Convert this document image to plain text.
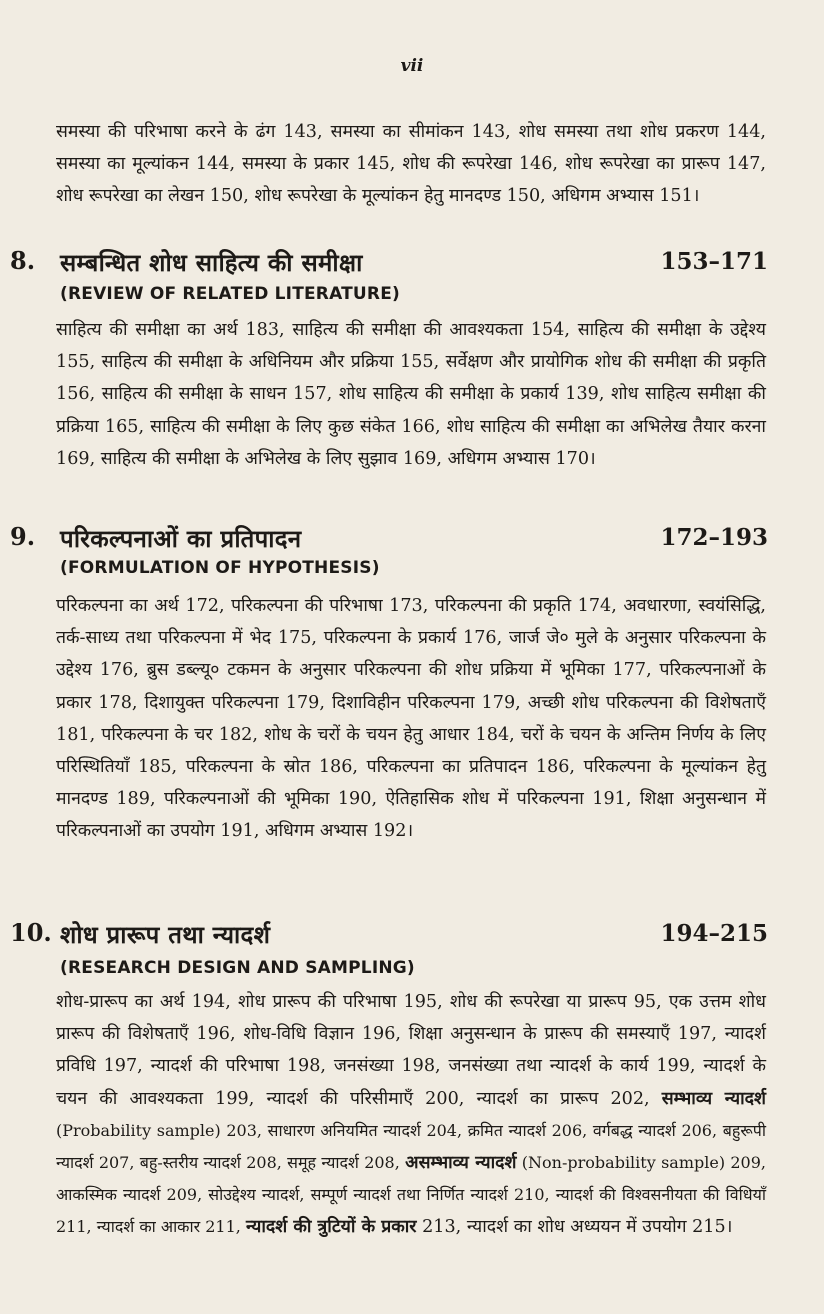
vii

समस्या की परिभाषा करने के ढंग 143, समस्या का सीमांकन 143, शोध समस्या तथा शोध प्रकरण 144, समस्या का मूल्यांकन 144, समस्या के प्रकार 145, शोध की रूपरेखा 146, शोध रूपरेखा का प्रारूप 147, शोध रूपरेखा का लेखन 150, शोध रूपरेखा के मूल्यांकन हेतु मानदण्ड 150, अधिगम अभ्यास 151।

8. सम्बन्धित शोध साहित्य की समीक्षा	153–171
(REVIEW OF RELATED LITERATURE)

साहित्य की समीक्षा का अर्थ 183, साहित्य की समीक्षा की आवश्यकता 154, साहित्य की समीक्षा के उद्देश्य 155, साहित्य की समीक्षा के अधिनियम और प्रक्रिया 155, सर्वेक्षण और प्रायोगिक शोध की समीक्षा की प्रकृति 156, साहित्य की समीक्षा के साधन 157, शोध साहित्य की समीक्षा के प्रकार्य 139, शोध साहित्य समीक्षा की प्रक्रिया 165, साहित्य की समीक्षा के लिए कुछ संकेत 166, शोध साहित्य की समीक्षा का अभिलेख तैयार करना 169, साहित्य की समीक्षा के अभिलेख के लिए सुझाव 169, अधिगम अभ्यास 170।

9. परिकल्पनाओं का प्रतिपादन	172–193
(FORMULATION OF HYPOTHESIS)

परिकल्पना का अर्थ 172, परिकल्पना की परिभाषा 173, परिकल्पना की प्रकृति 174, अवधारणा, स्वयंसिद्धि, तर्क-साध्य तथा परिकल्पना में भेद 175, परिकल्पना के प्रकार्य 176, जार्ज जे० मुले के अनुसार परिकल्पना के उद्देश्य 176, ब्रुस डब्ल्यू० टकमन के अनुसार परिकल्पना की शोध प्रक्रिया में भूमिका 177, परिकल्पनाओं के प्रकार 178, दिशायुक्त परिकल्पना 179, दिशाविहीन परिकल्पना 179, अच्छी शोध परिकल्पना की विशेषताएँ 181, परिकल्पना के चर 182, शोध के चरों के चयन हेतु आधार 184, चरों के चयन के अन्तिम निर्णय के लिए परिस्थितियाँ 185, परिकल्पना के स्रोत 186, परिकल्पना का प्रतिपादन 186, परिकल्पना के मूल्यांकन हेतु मानदण्ड 189, परिकल्पनाओं की भूमिका 190, ऐतिहासिक शोध में परिकल्पना 191, शिक्षा अनुसन्धान में परिकल्पनाओं का उपयोग 191, अधिगम अभ्यास 192।

10. शोध प्रारूप तथा न्यादर्श	194–215
(RESEARCH DESIGN AND SAMPLING)

शोध-प्रारूप का अर्थ 194, शोध प्रारूप की परिभाषा 195, शोध की रूपरेखा या प्रारूप 95, एक उत्तम शोध प्रारूप की विशेषताएँ 196, शोध-विधि विज्ञान 196, शिक्षा अनुसन्धान के प्रारूप की समस्याएँ 197, न्यादर्श प्रविधि 197, न्यादर्श की परिभाषा 198, जनसंख्या 198, जनसंख्या तथा न्यादर्श के कार्य 199, न्यादर्श के चयन की आवश्यकता 199, न्यादर्श की परिसीमाएँ 200, न्यादर्श का प्रारूप 202, सम्भाव्य न्यादर्श (Probability sample) 203, साधारण अनियमित न्यादर्श 204, क्रमित न्यादर्श 206, वर्गबद्ध न्यादर्श 206, बहुरूपी न्यादर्श 207, बहु-स्तरीय न्यादर्श 208, समूह न्यादर्श 208, असम्भाव्य न्यादर्श (Non-probability sample) 209, आकस्मिक न्यादर्श 209, सोउद्देश्य न्यादर्श, सम्पूर्ण न्यादर्श तथा निर्णित न्यादर्श 210, न्यादर्श की विश्वसनीयता की विधियाँ 211, न्यादर्श का आकार 211, न्यादर्श की त्रुटियों के प्रकार 213, न्यादर्श का शोध अध्ययन में उपयोग 215।
